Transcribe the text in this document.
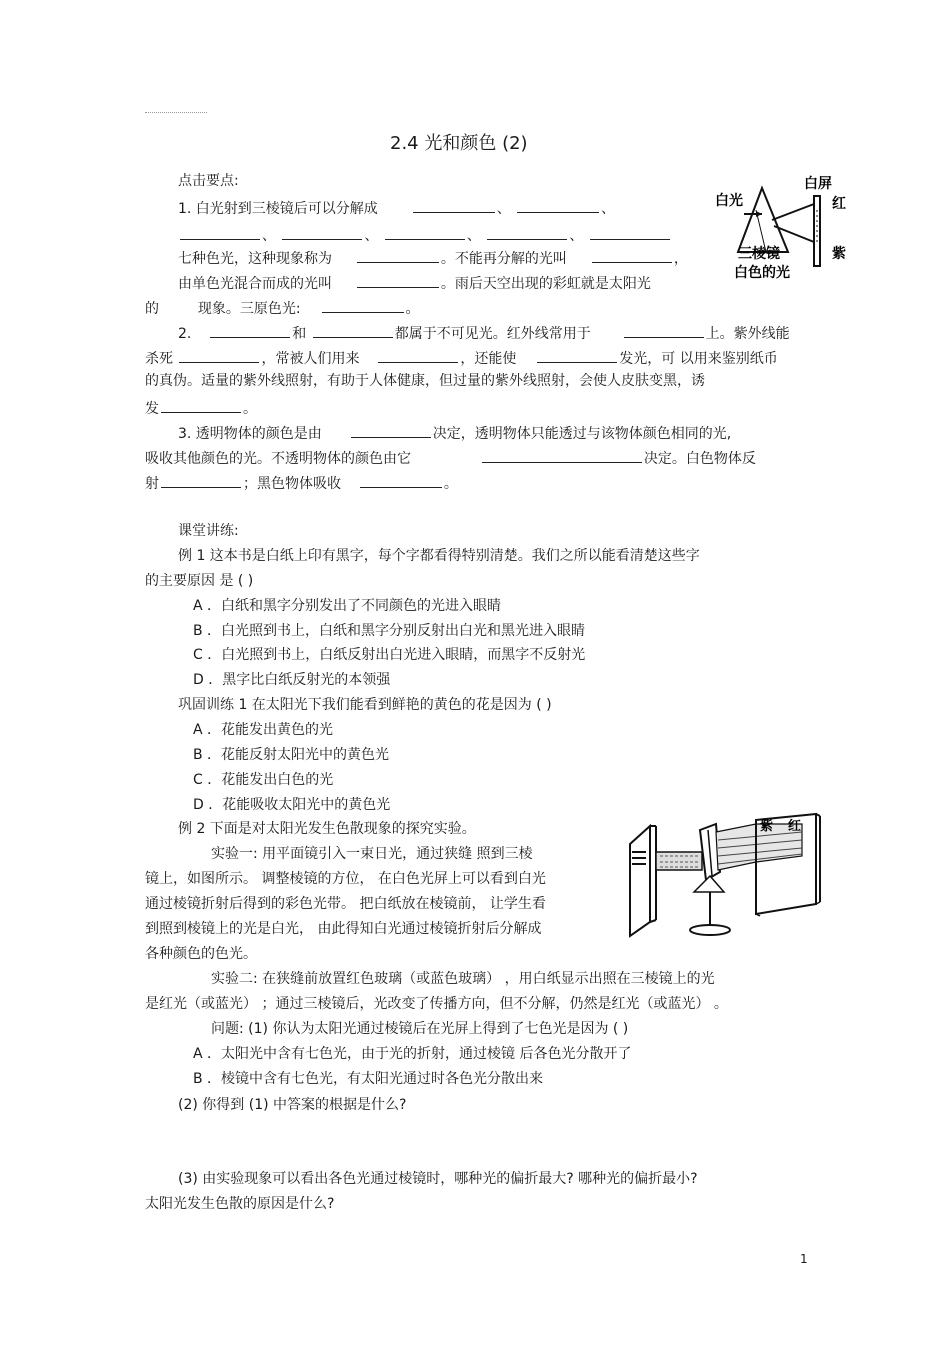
2.4 光和颜色 (2)
点击要点:
1. 白光射到三棱镜后可以分解成	、	、
、	、	、	、
七种色光，这种现象称为	。不能再分解的光叫	，
由单色光混合而成的光叫	。雨后天空出现的彩虹就是太阳光
的	现象。三原色光:	。
2.	和	都属于不可见光。红外线常用于	上。紫外线能
杀死	，常被人们用来	，还能使	发光，可 以用来鉴别纸币
的真伪。适量的紫外线照射，有助于人体健康，但过量的紫外线照射，会使人皮肤变黑，诱
发	。
3. 透明物体的颜色是由	决定，透明物体只能透过与该物体颜色相同的光,
吸收其他颜色的光。不透明物体的颜色由它	决定。白色物体反
射	；黑色物体吸收	。
白光
白屏
红
紫
三棱镜
白色的光
课堂讲练:
例 1 这本书是白纸上印有黑字，每个字都看得特别清楚。我们之所以能看清楚这些字
的主要原因 是 ( )
A ．白纸和黑字分别发出了不同颜色的光进入眼睛
B ．白光照到书上，白纸和黑字分别反射出白光和黑光进入眼睛
C ．白光照到书上，白纸反射出白光进入眼睛，而黑字不反射光
D ．黑字比白纸反射光的本领强
巩固训练 1 在太阳光下我们能看到鲜艳的黄色的花是因为 ( )
A ．花能发出黄色的光
B ．花能反射太阳光中的黄色光
C ．花能发出白色的光
D ．花能吸收太阳光中的黄色光
例 2 下面是对太阳光发生色散现象的探究实验。
实验一: 用平面镜引入一束日光，通过狭缝 照到三棱
镜上，如图所示。 调整棱镜的方位， 在白色光屏上可以看到白光
通过棱镜折射后得到的彩色光带。 把白纸放在棱镜前， 让学生看
到照到棱镜上的光是白光， 由此得知白光通过棱镜折射后分解成
各种颜色的色光。
紫 红
实验二: 在狭缝前放置红色玻璃（或蓝色玻璃） ，用白纸显示出照在三棱镜上的光
是红光（或蓝光） ；通过三棱镜后，光改变了传播方向，但不分解，仍然是红光（或蓝光） 。
问题: (1) 你认为太阳光通过棱镜后在光屏上得到了七色光是因为 ( )
A ．太阳光中含有七色光，由于光的折射，通过棱镜 后各色光分散开了
B ．棱镜中含有七色光，有太阳光通过时各色光分散出来
(2) 你得到 (1) 中答案的根据是什么?
(3) 由实验现象可以看出各色光通过棱镜时，哪种光的偏折最大? 哪种光的偏折最小?
太阳光发生色散的原因是什么?
1
